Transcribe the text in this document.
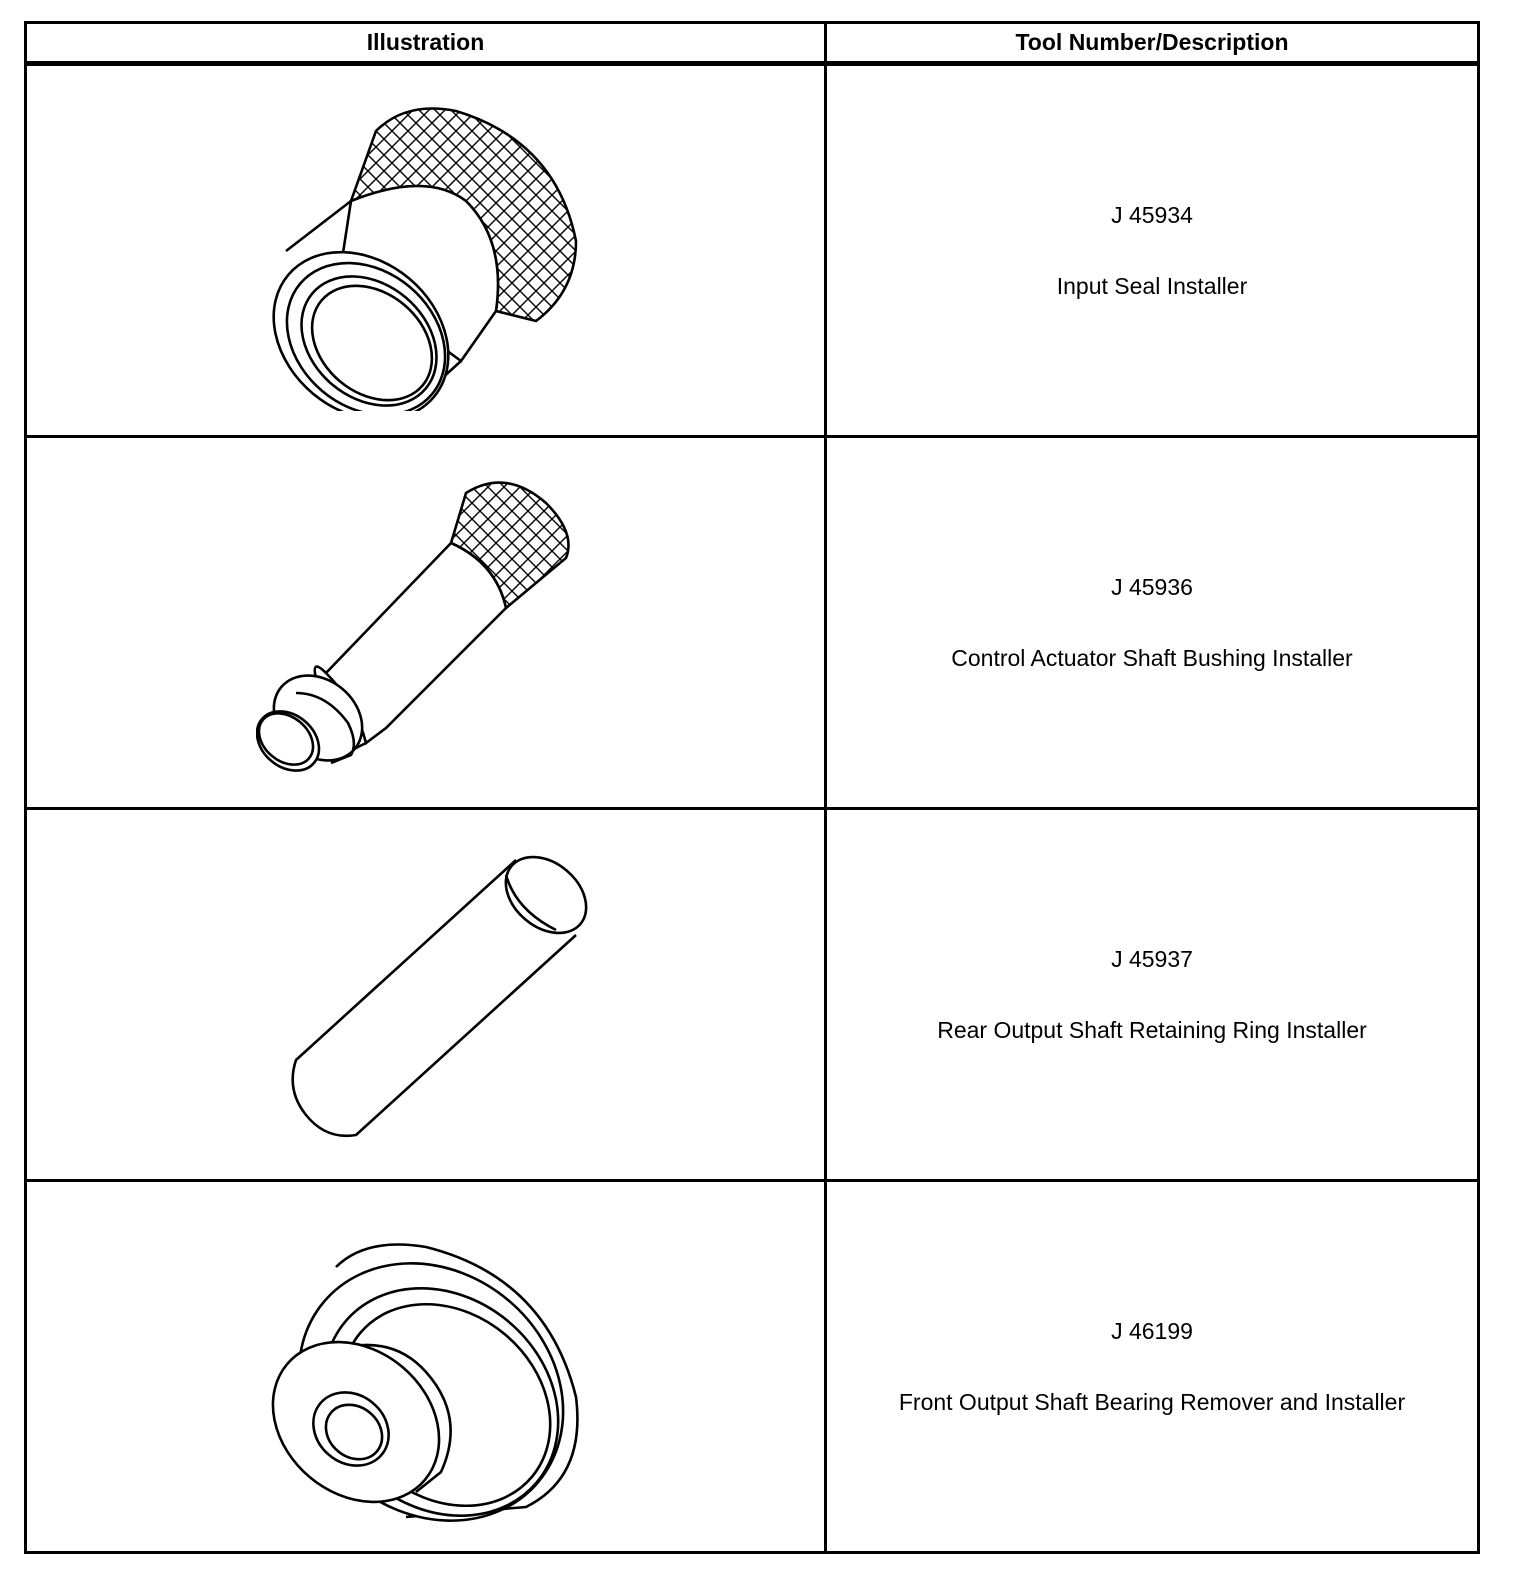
Illustration	Tool Number/Description

J 45934
Input Seal Installer

J 45936
Control Actuator Shaft Bushing Installer

J 45937
Rear Output Shaft Retaining Ring Installer

J 46199
Front Output Shaft Bearing Remover and Installer
